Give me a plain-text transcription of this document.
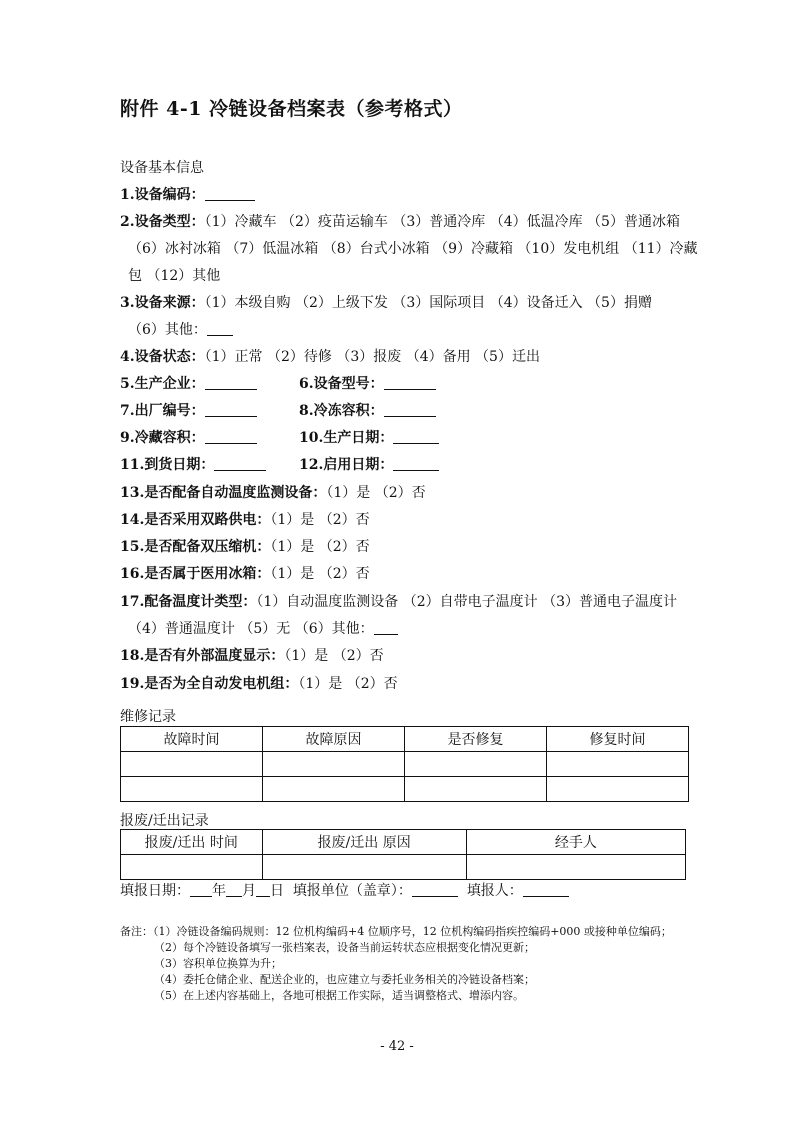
附件 4-1 冷链设备档案表（参考格式）
设备基本信息
1.设备编码：
2.设备类型：（1）冷藏车 （2）疫苗运输车 （3）普通冷库 （4）低温冷库 （5）普通冰箱
（6）冰衬冰箱 （7）低温冰箱 （8）台式小冰箱 （9）冷藏箱 （10）发电机组 （11）冷藏
包 （12）其他
3.设备来源：（1）本级自购 （2）上级下发 （3）国际项目 （4）设备迁入 （5）捐赠
（6）其他：
4.设备状态：（1）正常 （2）待修 （3）报废 （4）备用 （5）迁出
5.生产企业：	6.设备型号：
7.出厂编号：	8.冷冻容积：
9.冷藏容积：	10.生产日期：
11.到货日期：	12.启用日期：
13.是否配备自动温度监测设备：（1）是 （2）否
14.是否采用双路供电：（1）是 （2）否
15.是否配备双压缩机：（1）是 （2）否
16.是否属于医用冰箱：（1）是 （2）否
17.配备温度计类型：（1）自动温度监测设备 （2）自带电子温度计 （3）普通电子温度计
（4）普通温度计 （5）无 （6）其他：
18.是否有外部温度显示：（1）是 （2）否
19.是否为全自动发电机组：（1）是 （2）否
维修记录
故障时间	故障原因	是否修复	修复时间

报废/迁出记录
报废/迁出 时间	报废/迁出 原因	经手人

填报日期： 年 月 日 填报单位（盖章）：	填报人：
备注：（1）冷链设备编码规则：12 位机构编码+4 位顺序号，12 位机构编码指疾控编码+000 或接种单位编码；
（2）每个冷链设备填写一张档案表，设备当前运转状态应根据变化情况更新；
（3）容积单位换算为升；
（4）委托仓储企业、配送企业的，也应建立与委托业务相关的冷链设备档案；
（5）在上述内容基础上，各地可根据工作实际，适当调整格式、增添内容。
- 42 -
